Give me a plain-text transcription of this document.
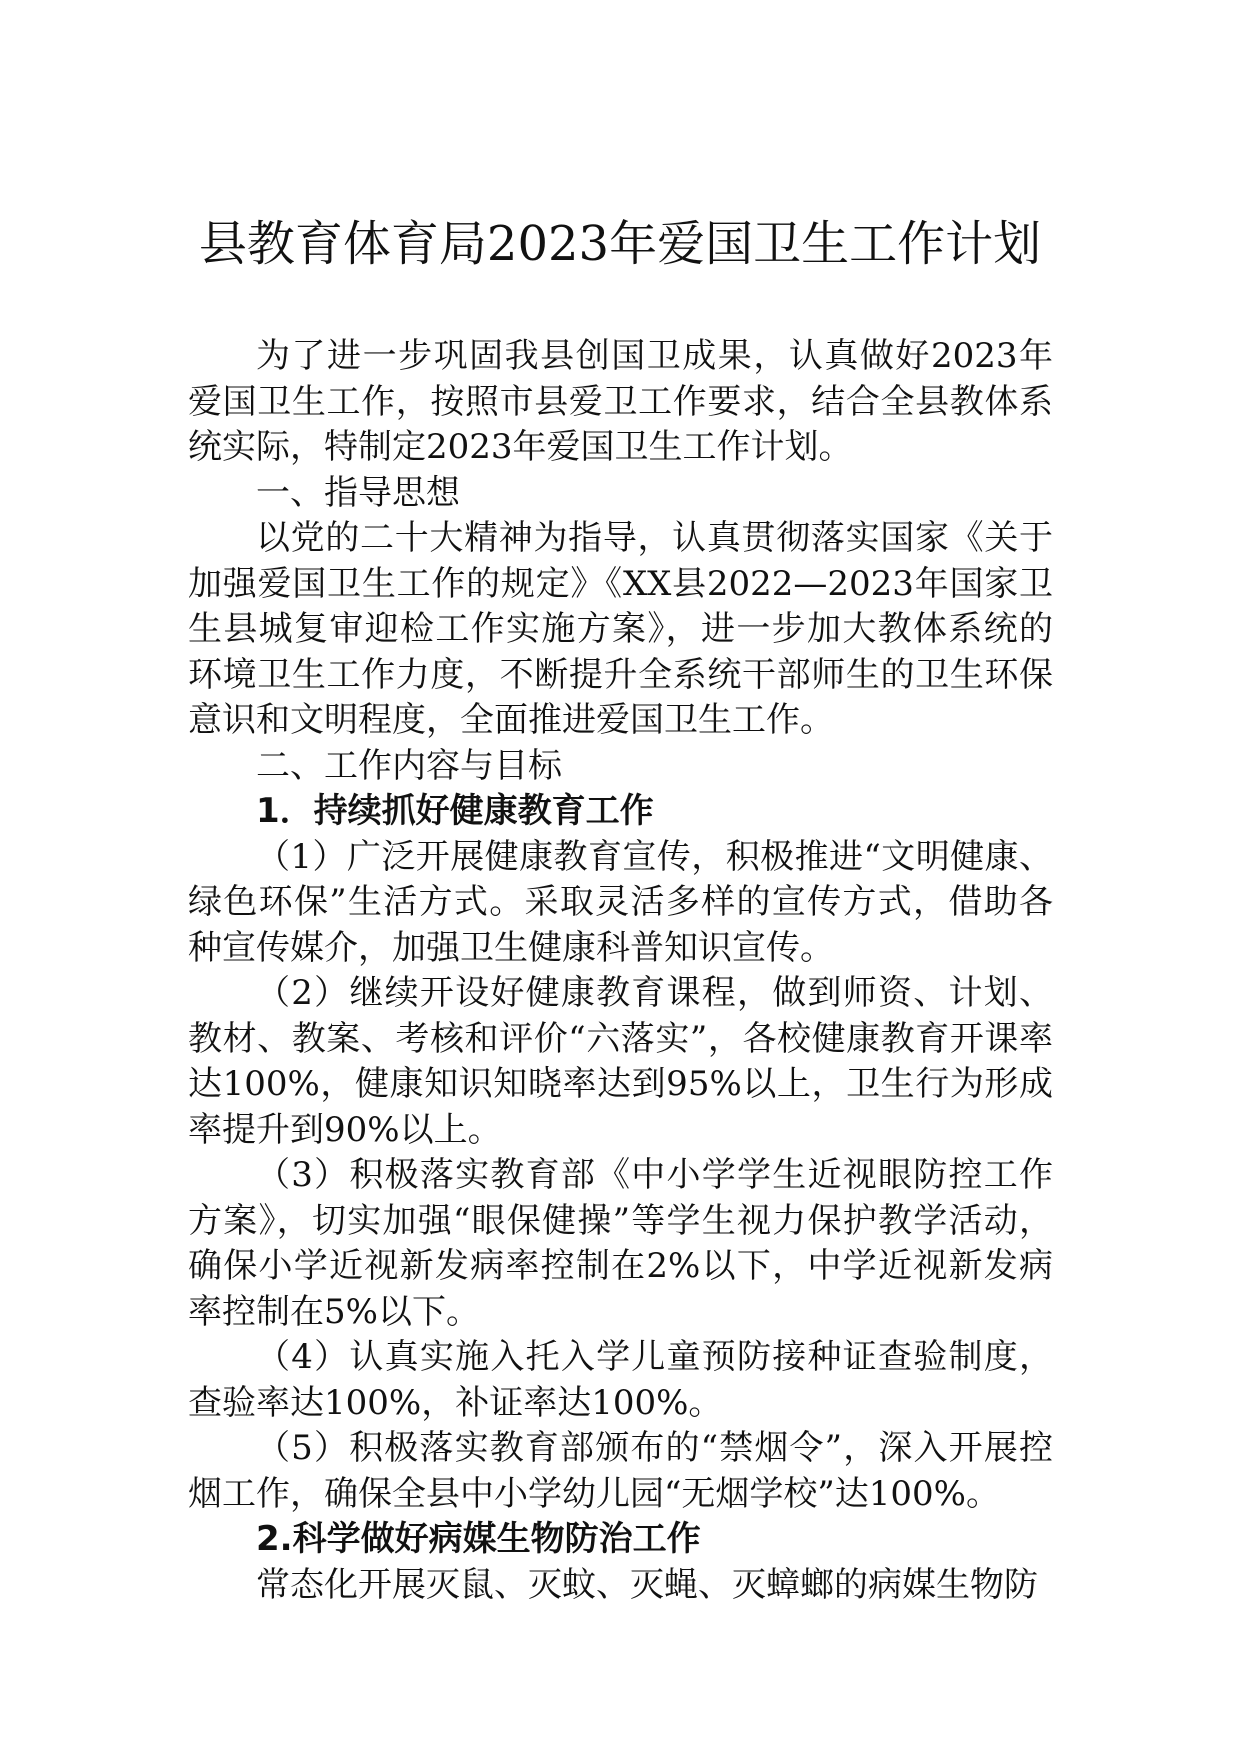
县教育体育局2023年爱国卫生工作计划

为了进一步巩固我县创国卫成果，认真做好2023年爱国卫生工作，按照市县爱卫工作要求，结合全县教体系统实际，特制定2023年爱国卫生工作计划。

一、指导思想

以党的二十大精神为指导，认真贯彻落实国家《关于加强爱国卫生工作的规定》《XX县2022—2023年国家卫生县城复审迎检工作实施方案》，进一步加大教体系统的环境卫生工作力度，不断提升全系统干部师生的卫生环保意识和文明程度，全面推进爱国卫生工作。

二、工作内容与目标

1．持续抓好健康教育工作

（1）广泛开展健康教育宣传，积极推进“文明健康、绿色环保”生活方式。采取灵活多样的宣传方式，借助各种宣传媒介，加强卫生健康科普知识宣传。

（2）继续开设好健康教育课程，做到师资、计划、教材、教案、考核和评价“六落实”，各校健康教育开课率达100%，健康知识知晓率达到95%以上，卫生行为形成率提升到90%以上。

（3）积极落实教育部《中小学学生近视眼防控工作方案》，切实加强“眼保健操”等学生视力保护教学活动，确保小学近视新发病率控制在2%以下，中学近视新发病率控制在5%以下。

（4）认真实施入托入学儿童预防接种证查验制度，查验率达100%，补证率达100%。

（5）积极落实教育部颁布的“禁烟令”，深入开展控烟工作，确保全县中小学幼儿园“无烟学校”达100%。

2.科学做好病媒生物防治工作

常态化开展灭鼠、灭蚊、灭蝇、灭蟑螂的病媒生物防
